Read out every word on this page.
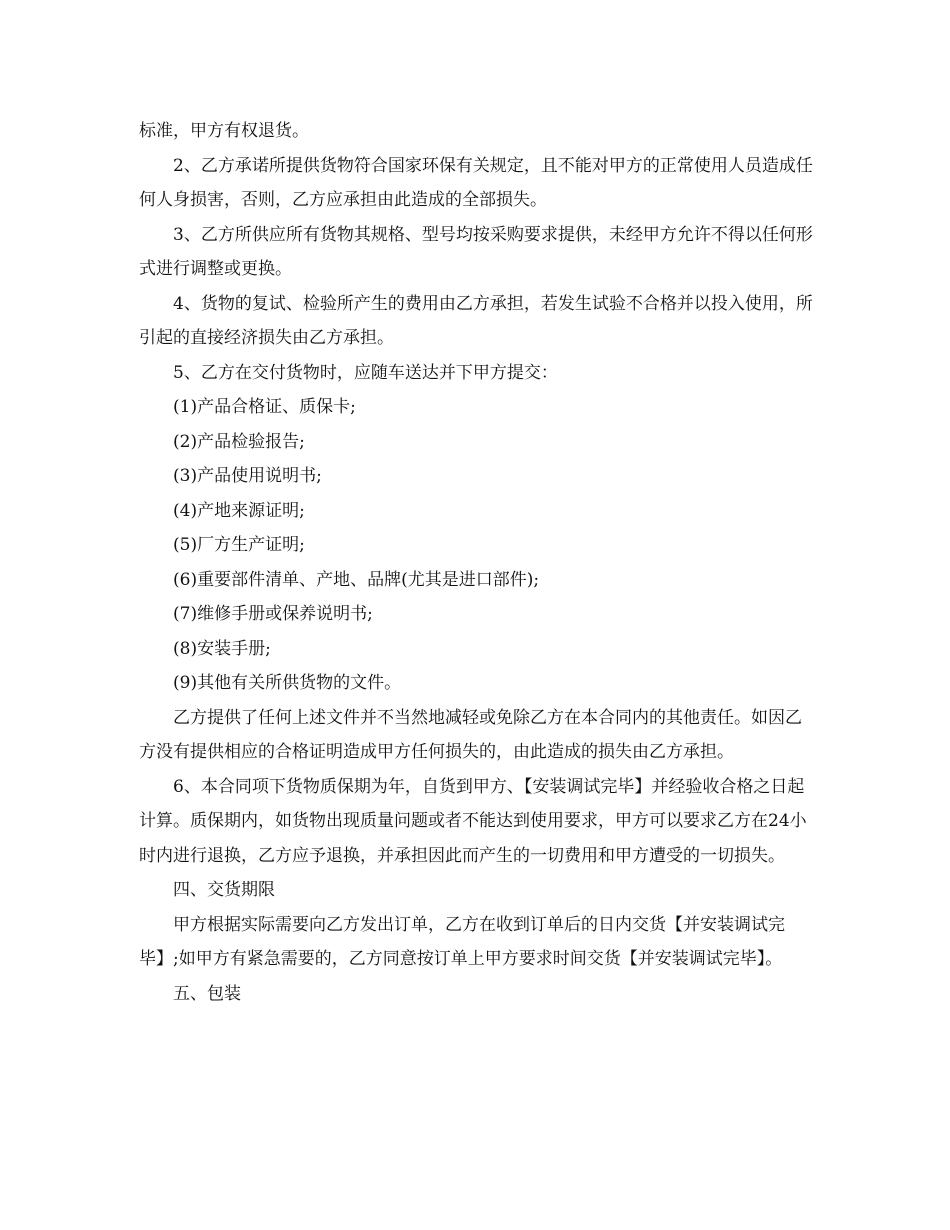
标准，甲方有权退货。

2、乙方承诺所提供货物符合国家环保有关规定，且不能对甲方的正常使用人员造成任何人身损害，否则，乙方应承担由此造成的全部损失。

3、乙方所供应所有货物其规格、型号均按采购要求提供，未经甲方允许不得以任何形式进行调整或更换。

4、货物的复试、检验所产生的费用由乙方承担，若发生试验不合格并以投入使用，所引起的直接经济损失由乙方承担。

5、乙方在交付货物时，应随车送达并下甲方提交：

(1)产品合格证、质保卡;

(2)产品检验报告;

(3)产品使用说明书;

(4)产地来源证明;

(5)厂方生产证明;

(6)重要部件清单、产地、品牌(尤其是进口部件);

(7)维修手册或保养说明书;

(8)安装手册;

(9)其他有关所供货物的文件。

乙方提供了任何上述文件并不当然地减轻或免除乙方在本合同内的其他责任。如因乙方没有提供相应的合格证明造成甲方任何损失的，由此造成的损失由乙方承担。

6、本合同项下货物质保期为年，自货到甲方、【安装调试完毕】并经验收合格之日起计算。质保期内，如货物出现质量问题或者不能达到使用要求，甲方可以要求乙方在24小时内进行退换，乙方应予退换，并承担因此而产生的一切费用和甲方遭受的一切损失。

四、交货期限

甲方根据实际需要向乙方发出订单，乙方在收到订单后的日内交货【并安装调试完毕】;如甲方有紧急需要的，乙方同意按订单上甲方要求时间交货【并安装调试完毕】。

五、包装
